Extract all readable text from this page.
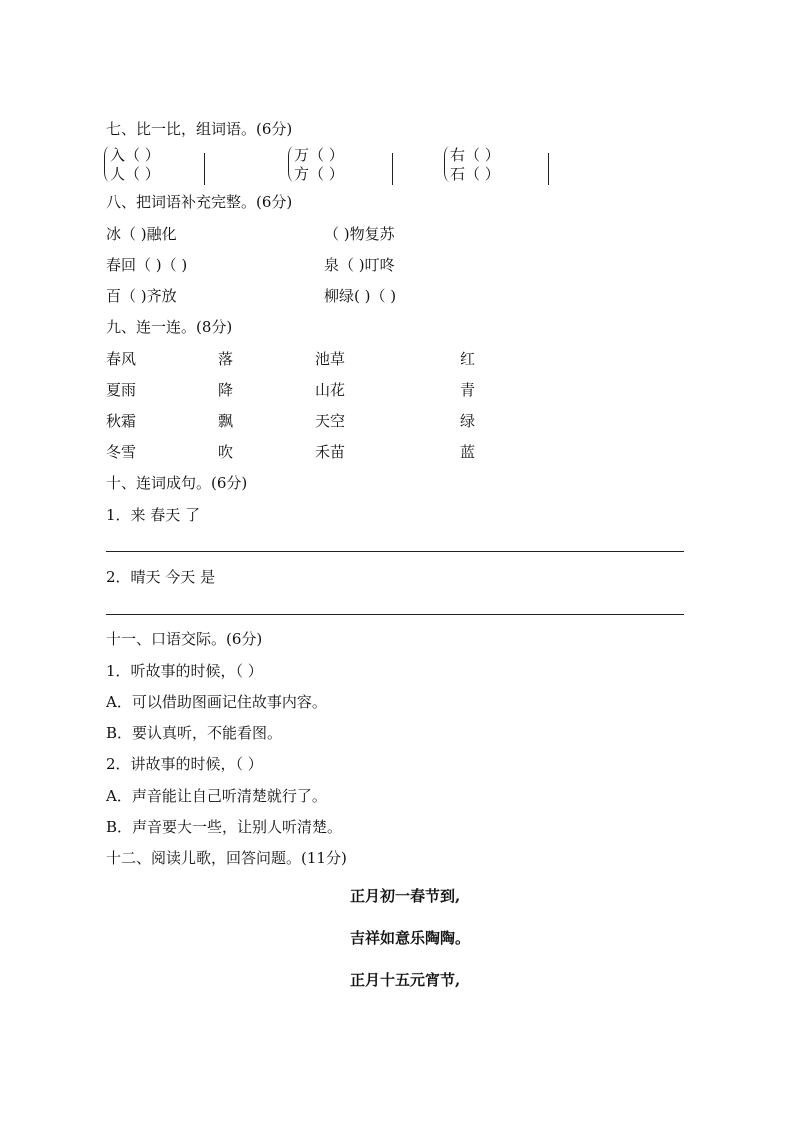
七、比一比，组词语。(6分)
入（ ）
人（ ）
万（ ）
方（ ）
右（ ）
石（ ）
八、把词语补充完整。(6分)
冰（ )融化	（ )物复苏
春回（ )（ )	泉（ )叮咚
百（ )齐放	柳绿( )（ )
九、连一连。(8分)
春风	落	池草	红
夏雨	降	山花	青
秋霜	飘	天空	绿
冬雪	吹	禾苗	蓝
十、连词成句。(6分)
1．来 春天 了
2．晴天 今天 是
十一、口语交际。(6分)
1．听故事的时候，（ ）
A．可以借助图画记住故事内容。
B．要认真听，不能看图。
2．讲故事的时候，（ ）
A．声音能让自己听清楚就行了。
B．声音要大一些，让别人听清楚。
十二、阅读儿歌，回答问题。(11分)
正月初一春节到,
吉祥如意乐陶陶。
正月十五元宵节,
